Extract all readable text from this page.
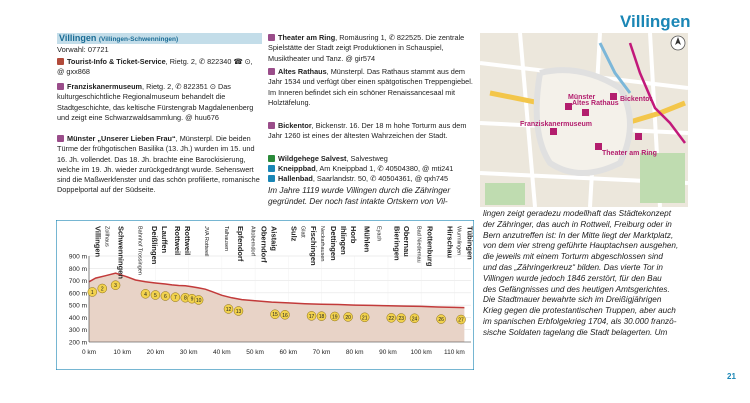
Villingen
Villingen (Villingen-Schwenningen)
Vorwahl: 07721
Tourist-Info & Ticket-Service, Rietg. 2, ✆ 822340 ☎ ⊙, @ gxx868
Franziskanermuseum, Rietg. 2, ✆ 822351 ⊙ Das kulturgeschichtliche Regionalmuseum behandelt die Stadtgeschichte, das keltische Fürstengrab Magdalenenberg und zeigt eine Schwarzwaldsammlung. @ huu676
Münster „Unserer Lieben Frau“, Münsterpl. Die beiden Türme der frühgotischen Basilika (13. Jh.) wurden im 15. und 16. Jh. vollendet. Das 18. Jh. brachte eine Barockisierung, welche im 19. Jh. wieder zurückgedrängt wurde. Sehenswert sind die Maßwerkfenster und das schön profilierte, romanische Doppelportal auf der Südseite.
Theater am Ring, Romäusring 1, ✆ 822525. Die zentrale Spielstätte der Stadt zeigt Produktionen in Schauspiel, Musiktheater und Tanz. @ gir574
Altes Rathaus, Münsterpl. Das Rathaus stammt aus dem Jahr 1534 und verfügt über einen spätgotischen Treppengiebel. Im Inneren befindet sich ein schöner Renaissancesaal mit Holztäfelung.
Bickentor, Bickenstr. 16. Der 18 m hohe Torturm aus dem Jahr 1260 ist eines der ältesten Wahrzeichen der Stadt.
Wildgehege Salvest, Salvestweg
Kneippbad, Am Kneippbad 1, ✆ 40504380, @ mti241
Hallenbad, Saarlandstr. 50, ✆ 40504361, @ qxh745
Münster
Altes Rathaus
Bickentor
Franziskanermuseum
Theater am Ring
900 m
800 m
700 m
600 m
500 m
400 m
300 m
200 m
0 km	10 km 20 km 30 km 40 km 50 km 60 km 70 km 80 km 90 km 100 km 110 km
Villingen Zollhaus Schwenningen Bahnhof Trossingen Deißlingen Lauffen Rottweil Rottweil JVA Rottweil	Talhausen Epfendorf Altoberndorf Oberndorf Aistaig Sulz Glatt Fischingen Neckarhausen Dettingen Ihlingen Horb Mühlen Eyach Bieringen Obernau Bad Niedernau Rottenburg Hirschau Wurmlingen Tübingen
1
2
3
4 5 6 7 8 9 10
12 13
15 16	17 18 19 20 21	22 23 24	26	27
21
Im Jahre 1119 wurde Villingen durch die Zähringer
gegründet. Der noch fast intakte Ortskern von Vil-
lingen zeigt geradezu modellhaft das Städtekonzept
der Zähringer, das auch in Rottweil, Freiburg oder in
Bern anzutreffen ist: In der Mitte liegt der Marktplatz,
von dem vier streng geführte Hauptachsen ausgehen,
die jeweils mit einem Torturm abgeschlossen sind
und das „Zähringerkreuz“ bilden. Das vierte Tor in
Villingen wurde jedoch 1846 zerstört, für den Bau
des Gefängnisses und des heutigen Amtsgerichtes.
Die Stadtmauer bewahrte sich im Dreißigjährigen
Krieg gegen die protestantischen Truppen, aber auch
im spanischen Erbfolgekrieg 1704, als 30.000 franzö-
sische Soldaten tagelang die Stadt belagerten. Um
